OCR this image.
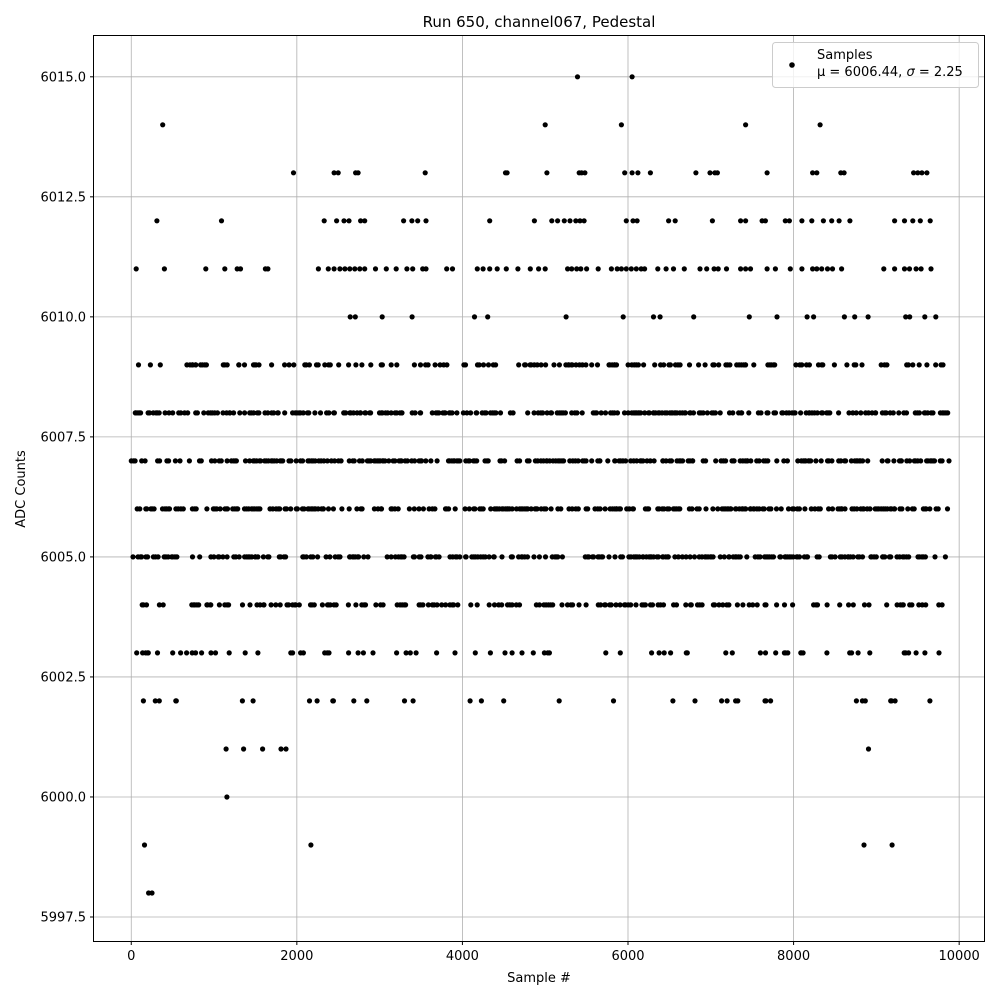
Run 650, channel067, Pedestal
0	2000	4000	6000	8000	10000
5997.5
6000.0
6002.5
6005.0
6007.5
6010.0
6012.5
6015.0
Sample #
ADC Counts
Samples
μ = 6006.44, σ = 2.25
